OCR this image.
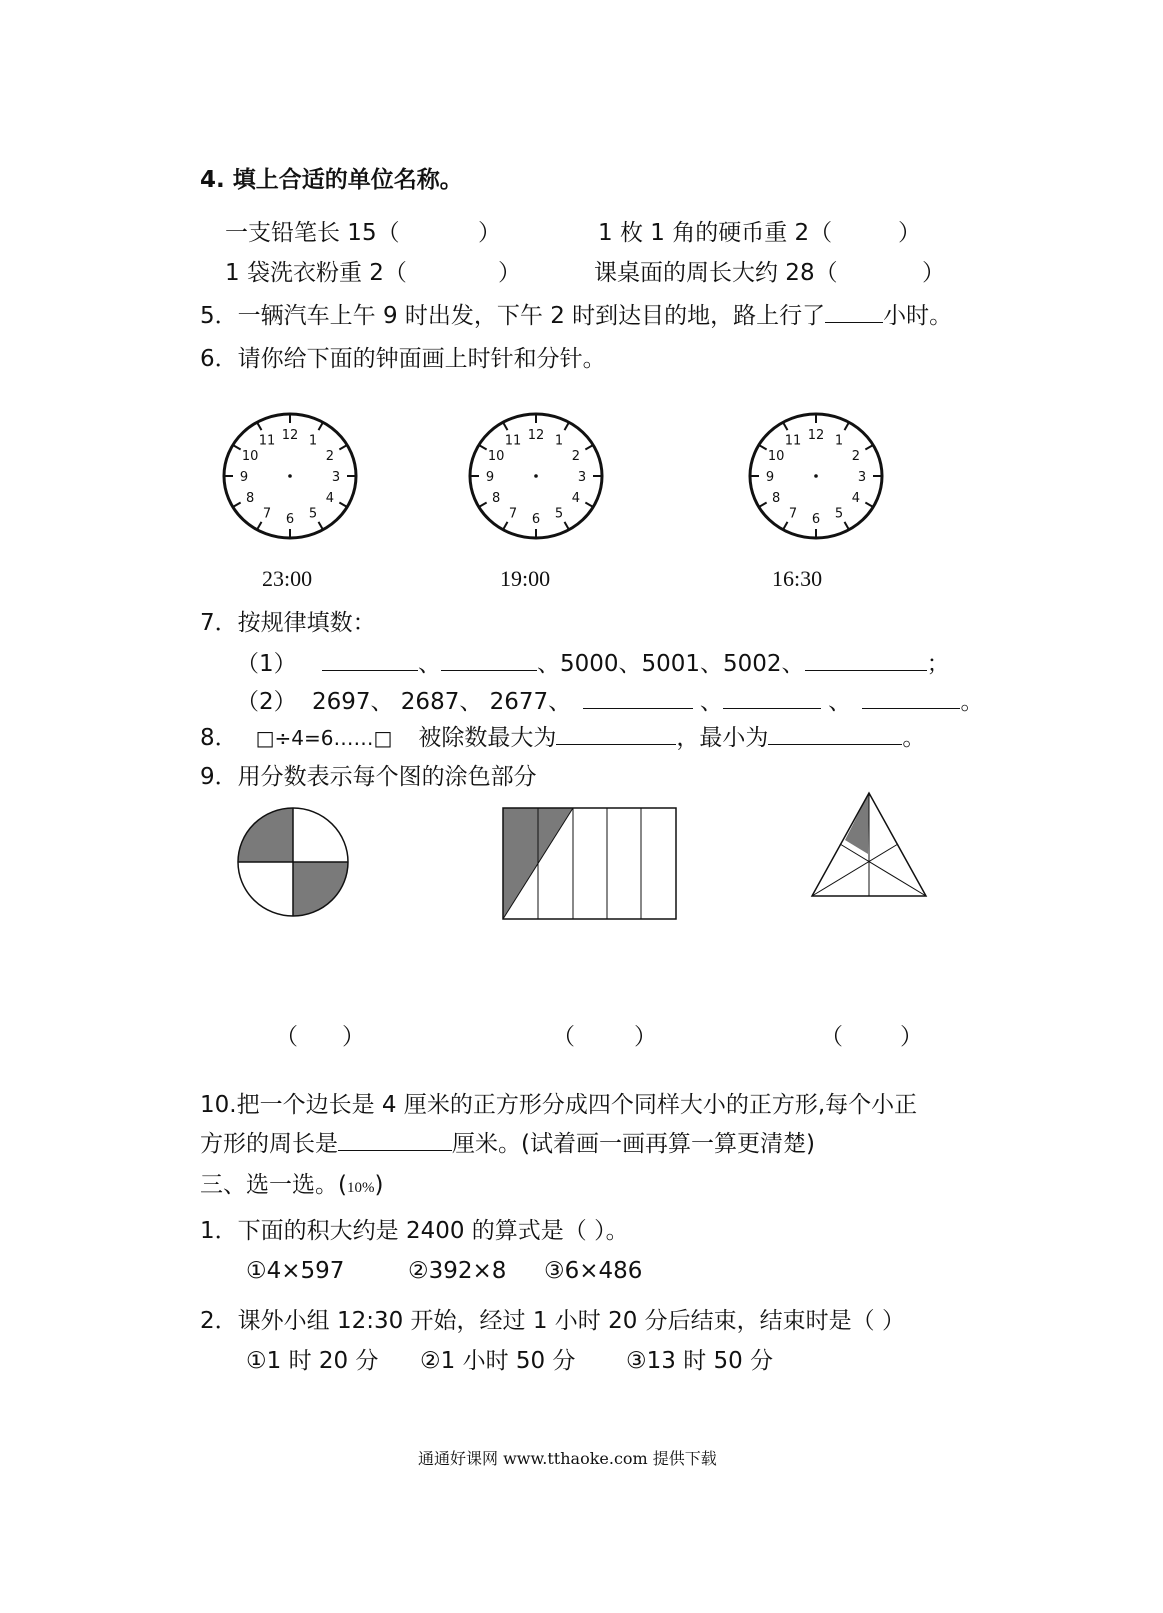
4. 填上合适的单位名称。
一支铅笔长 15（	）	1 枚 1 角的硬币重 2（	）
1 袋洗衣粉重 2（	）	课桌面的周长大约 28（	）
5．一辆汽车上午 9 时出发，下午 2 时到达目的地，路上行了	小时。
6．请你给下面的钟面画上时针和分针。
12 1
2
3
4
5
6
7
8
9
10
11	12 1
2
3
4
5
6
7
8
9
10
11	12 1
2
3
4
5
6
7
8
9
10
11
23:00	19:00	16:30
7．按规律填数：
（1）	、	、5000、5001、5002、	；
（2） 2697、 2687、 2677、	、	、	。
8． □÷4=6……□ 被除数最大为	，最小为	。
9．用分数表示每个图的涂色部分
（ ）	（	）	（ ）
10.把一个边长是 4 厘米的正方形分成四个同样大小的正方形,每个小正
方形的周长是	厘米。(试着画一画再算一算更清楚)
三、选一选。(10%)
1．下面的积大约是 2400 的算式是（ ）。
①4×597	②392×8 ③6×486
2．课外小组 12:30 开始，经过 1 小时 20 分后结束，结束时是（ ）
①1 时 20 分 ②1 小时 50 分 ③13 时 50 分
通通好课网 www.tthaoke.com 提供下载
